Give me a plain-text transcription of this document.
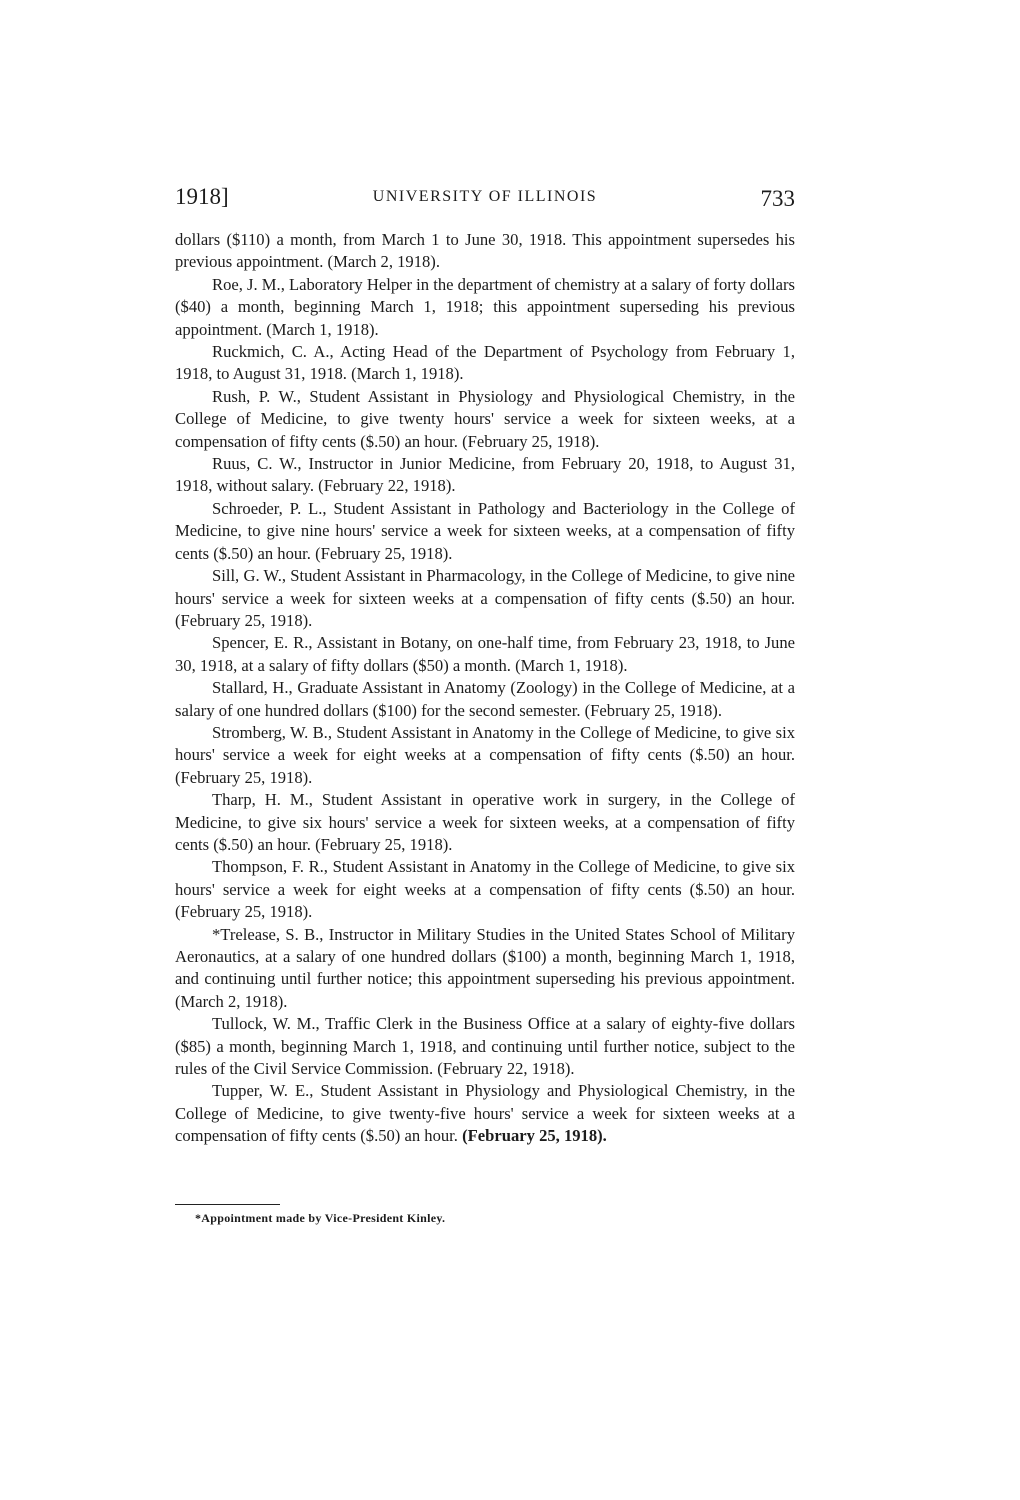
1918]	UNIVERSITY OF ILLINOIS	733

dollars ($110) a month, from March 1 to June 30, 1918. This appointment supersedes his previous appointment. (March 2, 1918).

Roe, J. M., Laboratory Helper in the department of chemistry at a salary of forty dollars ($40) a month, beginning March 1, 1918; this appointment superseding his previous appointment. (March 1, 1918).

Ruckmich, C. A., Acting Head of the Department of Psychology from February 1, 1918, to August 31, 1918. (March 1, 1918).

Rush, P. W., Student Assistant in Physiology and Physiological Chemistry, in the College of Medicine, to give twenty hours' service a week for sixteen weeks, at a compensation of fifty cents ($.50) an hour. (February 25, 1918).

Ruus, C. W., Instructor in Junior Medicine, from February 20, 1918, to August 31, 1918, without salary. (February 22, 1918).

Schroeder, P. L., Student Assistant in Pathology and Bacteriology in the College of Medicine, to give nine hours' service a week for sixteen weeks, at a compensation of fifty cents ($.50) an hour. (February 25, 1918).

Sill, G. W., Student Assistant in Pharmacology, in the College of Medicine, to give nine hours' service a week for sixteen weeks at a compensation of fifty cents ($.50) an hour. (February 25, 1918).

Spencer, E. R., Assistant in Botany, on one-half time, from February 23, 1918, to June 30, 1918, at a salary of fifty dollars ($50) a month. (March 1, 1918).

Stallard, H., Graduate Assistant in Anatomy (Zoology) in the College of Medicine, at a salary of one hundred dollars ($100) for the second semester. (February 25, 1918).

Stromberg, W. B., Student Assistant in Anatomy in the College of Medicine, to give six hours' service a week for eight weeks at a compensation of fifty cents ($.50) an hour. (February 25, 1918).

Tharp, H. M., Student Assistant in operative work in surgery, in the College of Medicine, to give six hours' service a week for sixteen weeks, at a compensation of fifty cents ($.50) an hour. (February 25, 1918).

Thompson, F. R., Student Assistant in Anatomy in the College of Medicine, to give six hours' service a week for eight weeks at a compensation of fifty cents ($.50) an hour. (February 25, 1918).

*Trelease, S. B., Instructor in Military Studies in the United States School of Military Aeronautics, at a salary of one hundred dollars ($100) a month, beginning March 1, 1918, and continuing until further notice; this appointment superseding his previous appointment. (March 2, 1918).

Tullock, W. M., Traffic Clerk in the Business Office at a salary of eighty-five dollars ($85) a month, beginning March 1, 1918, and continuing until further notice, subject to the rules of the Civil Service Commission. (February 22, 1918).

Tupper, W. E., Student Assistant in Physiology and Physiological Chemistry, in the College of Medicine, to give twenty-five hours' service a week for sixteen weeks at a compensation of fifty cents ($.50) an hour. (February 25, 1918).

*Appointment made by Vice-President Kinley.
